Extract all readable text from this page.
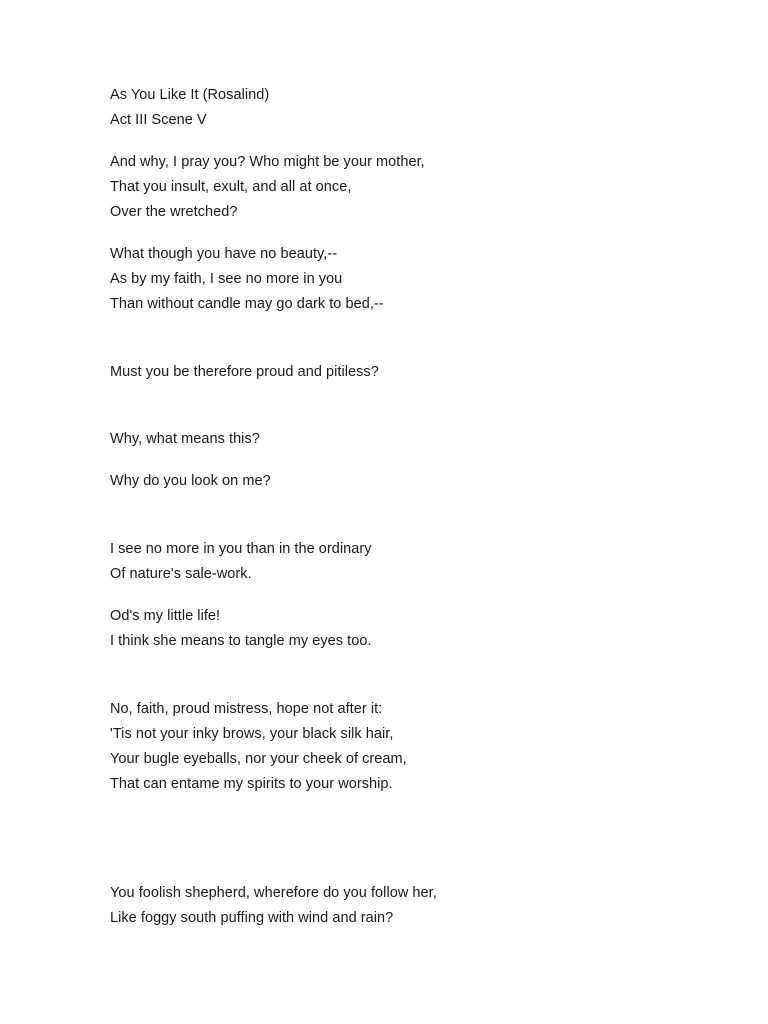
As You Like It (Rosalind)
Act III Scene V
And why, I pray you? Who might be your mother,
That you insult, exult, and all at once,
Over the wretched?
What though you have no beauty,--
As by my faith, I see no more in you
Than without candle may go dark to bed,--
Must you be therefore proud and pitiless?
Why, what means this?
Why do you look on me?
I see no more in you than in the ordinary
Of nature's sale-work.
Od's my little life!
I think she means to tangle my eyes too.
No, faith, proud mistress, hope not after it:
'Tis not your inky brows, your black silk hair,
Your bugle eyeballs, nor your cheek of cream,
That can entame my spirits to your worship.
You foolish shepherd, wherefore do you follow her,
Like foggy south puffing with wind and rain?
